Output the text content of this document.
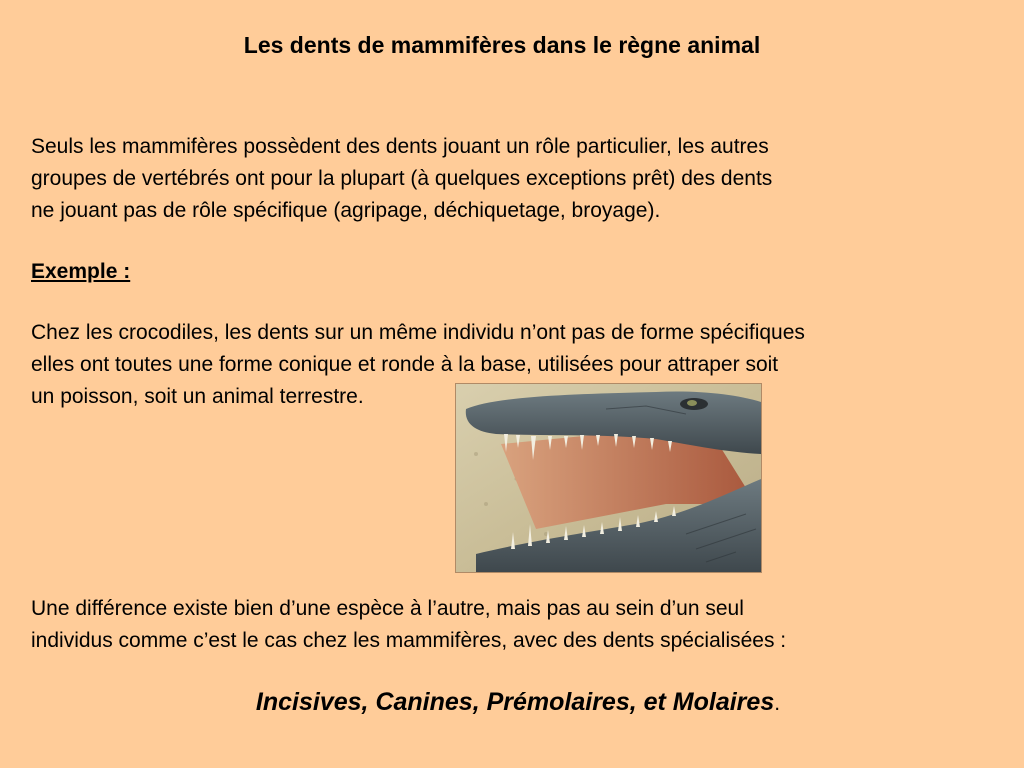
Les dents de mammifères dans le règne animal
Seuls les mammifères possèdent des dents jouant un rôle particulier, les autres
groupes de vertébrés ont pour la plupart (à quelques exceptions prêt) des dents
ne jouant pas de rôle spécifique (agripage, déchiquetage, broyage).
Exemple :
Chez les crocodiles, les dents sur un même individu n’ont pas de forme spécifiques
elles ont toutes une forme conique et ronde à la base, utilisées pour attraper soit
un poisson, soit un animal terrestre.
Une différence existe bien d’une espèce à l’autre, mais pas au sein d’un seul
individus comme c’est le cas chez les mammifères, avec des dents spécialisées :
Incisives, Canines, Prémolaires, et Molaires.
